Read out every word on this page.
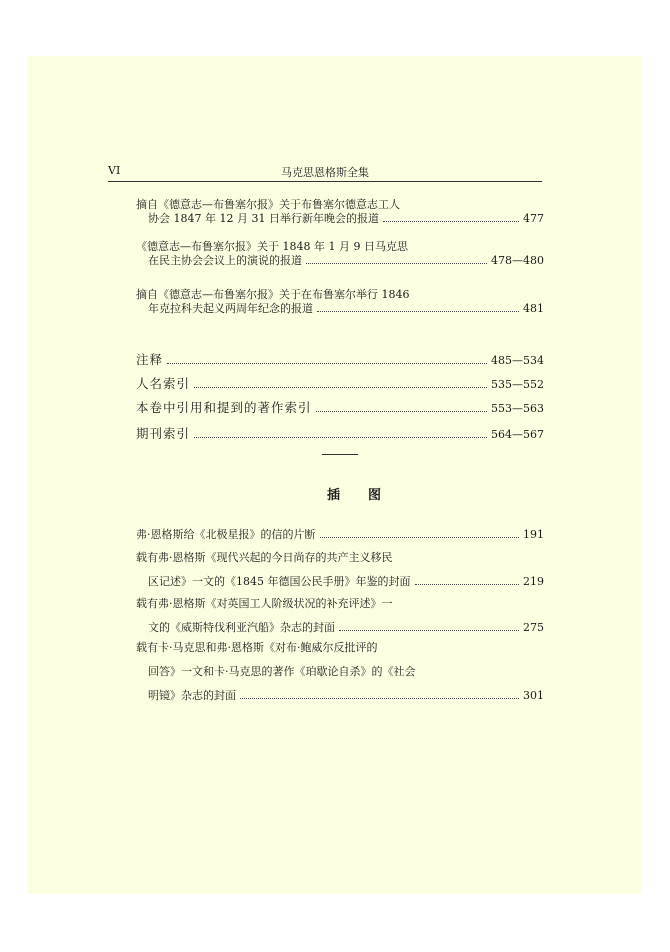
VI	马克思恩格斯全集
摘自《德意志—布鲁塞尔报》关于布鲁塞尔德意志工人
协会 1847 年 12 月 31 日举行新年晚会的报道	477
《德意志—布鲁塞尔报》关于 1848 年 1 月 9 日马克思
在民主协会会议上的演说的报道	478—480
摘自《德意志—布鲁塞尔报》关于在布鲁塞尔举行 1846
年克拉科夫起义两周年纪念的报道	481
注释	485—534
人名索引	535—552
本卷中引用和提到的著作索引	553—563
期刊索引	564—567
插图
弗·恩格斯给《北极星报》的信的片断	191
载有弗·恩格斯《现代兴起的今日尚存的共产主义移民
区记述》一文的《1845 年德国公民手册》年鉴的封面	219
载有弗·恩格斯《对英国工人阶级状况的补充评述》一
文的《威斯特伐利亚汽船》杂志的封面	275
载有卡·马克思和弗·恩格斯《对布·鲍威尔反批评的
回答》一文和卡·马克思的著作《珀歇论自杀》的《社会
明镜》杂志的封面	301
